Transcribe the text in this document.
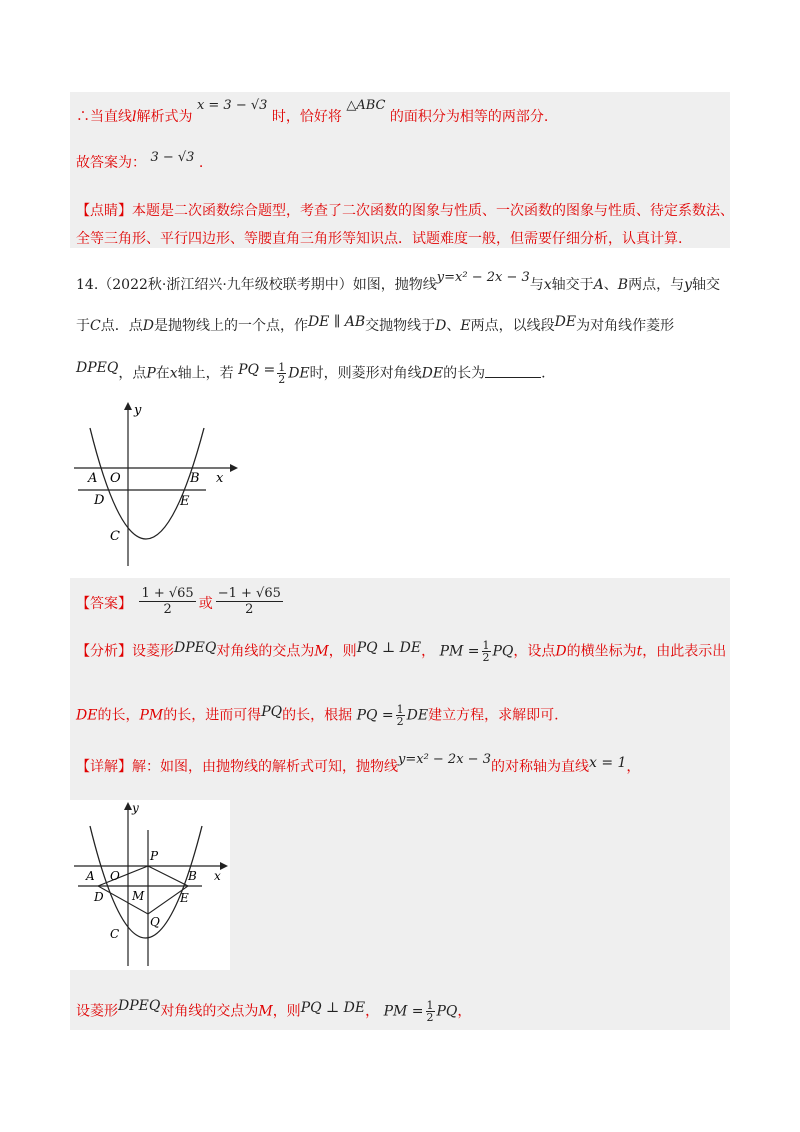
∴当直线l解析式为 x = 3 − √3 时，恰好将 △ABC 的面积分为相等的两部分.
故答案为： 3 − √3 .
【点睛】本题是二次函数综合题型，考查了二次函数的图象与性质、一次函数的图象与性质、待定系数法、
全等三角形、平行四边形、等腰直角三角形等知识点．试题难度一般，但需要仔细分析，认真计算.
14.（2022秋·浙江绍兴·九年级校联考期中）如图，抛物线y=x² − 2x − 3与x轴交于A、B两点，与y轴交
于C点．点D是抛物线上的一个点，作DE ∥ AB交抛物线于D、E两点，以线段DE为对角线作菱形
DPEQ，点P在x轴上，若 PQ = $\frac{1}{2}$ DE时，则菱形对角线DE的长为	.
y
x
A O	B
D	E
C
【答案】 $\frac{1 + √65}{2}$ 或 $\frac{-1 + √65}{2}$
【分析】设菱形DPEQ对角线的交点为M，则PQ ⊥ DE， PM = $\frac{1}{2}$ PQ，设点D的横坐标为t，由此表示出
DE的长，PM的长，进而可得PQ的长，根据 PQ = $\frac{1}{2}$ DE建立方程，求解即可.
【详解】解：如图，由抛物线的解析式可知，抛物线y=x² − 2x − 3的对称轴为直线x = 1，
y
x
A O
P
B
D M	E
Q
C
设菱形DPEQ对角线的交点为M，则PQ ⊥ DE， PM = $\frac{1}{2}$ PQ，
